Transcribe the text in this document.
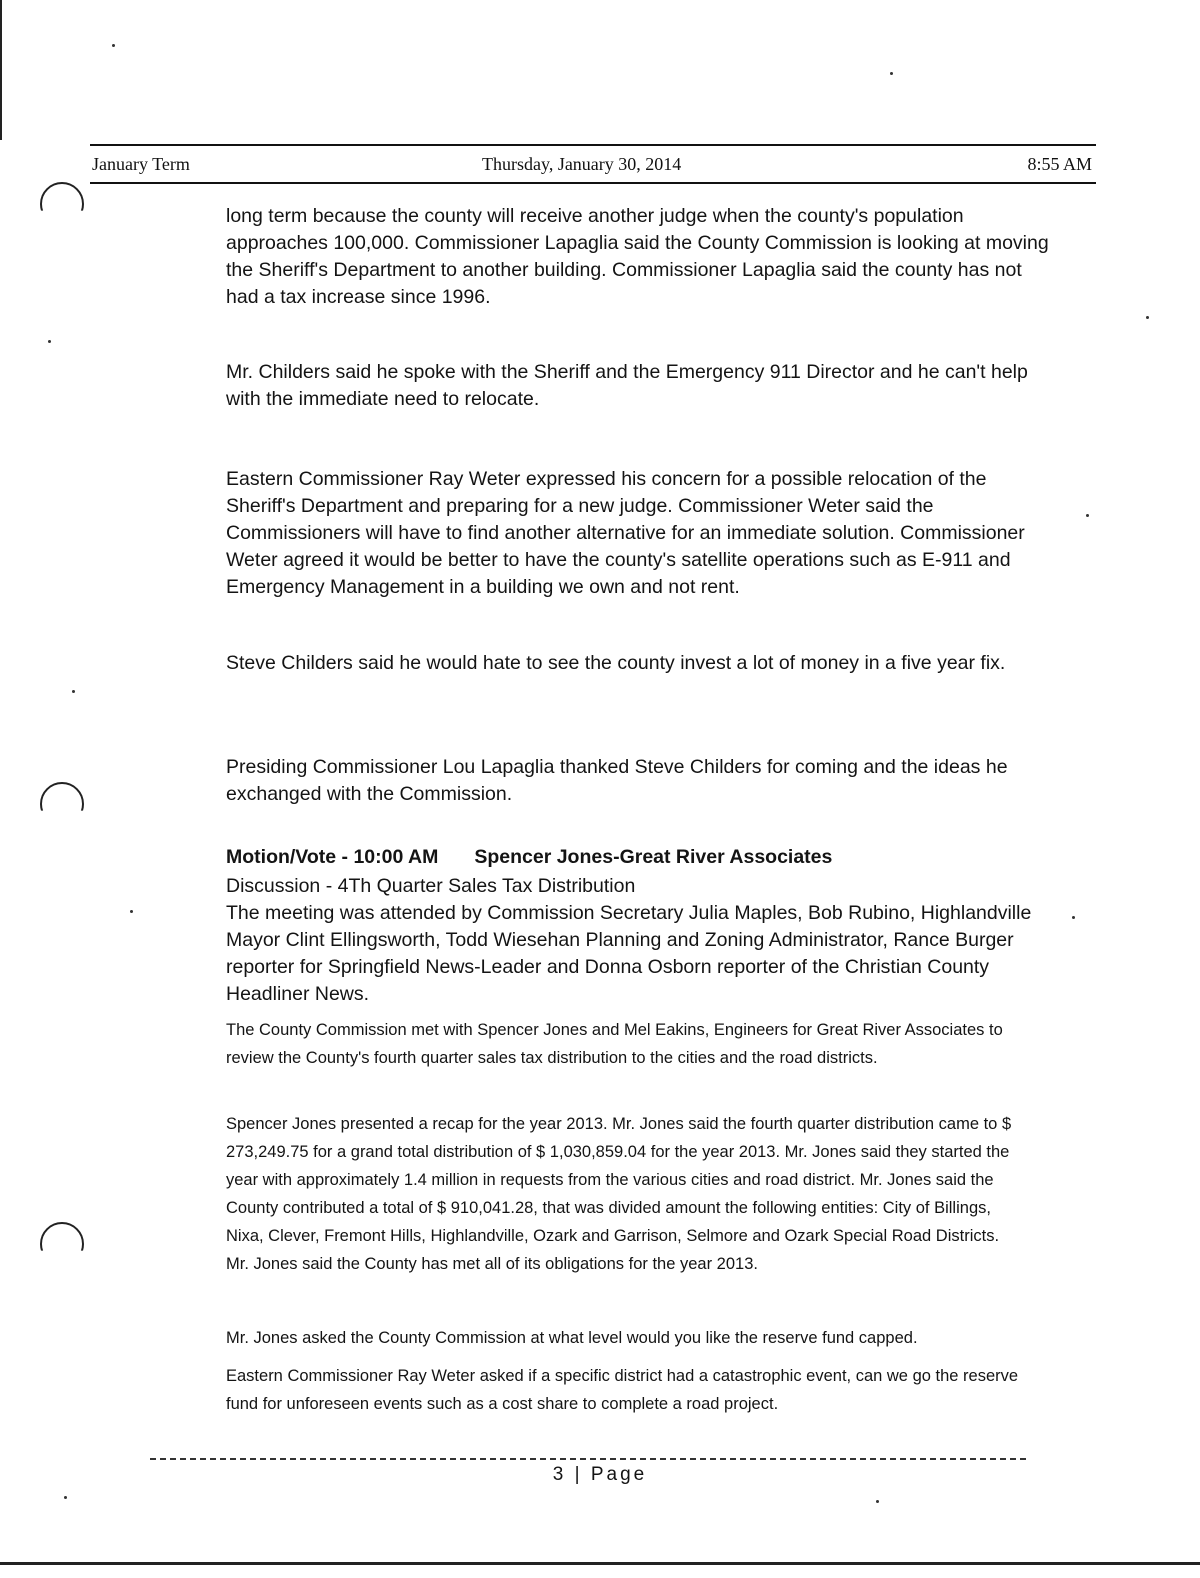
January Term	Thursday, January 30, 2014	8:55 AM

long term because the county will receive another judge when the county's population approaches 100,000. Commissioner Lapaglia said the County Commission is looking at moving the Sheriff's Department to another building. Commissioner Lapaglia said the county has not had a tax increase since 1996.

Mr. Childers said he spoke with the Sheriff and the Emergency 911 Director and he can't help with the immediate need to relocate.

Eastern Commissioner Ray Weter expressed his concern for a possible relocation of the Sheriff's Department and preparing for a new judge. Commissioner Weter said the Commissioners will have to find another alternative for an immediate solution. Commissioner Weter agreed it would be better to have the county's satellite operations such as E-911 and Emergency Management in a building we own and not rent.

Steve Childers said he would hate to see the county invest a lot of money in a five year fix.

Presiding Commissioner Lou Lapaglia thanked Steve Childers for coming and the ideas he exchanged with the Commission.

Motion/Vote - 10:00 AM Spencer Jones-Great River Associates

Discussion - 4Th Quarter Sales Tax Distribution

The meeting was attended by Commission Secretary Julia Maples, Bob Rubino, Highlandville Mayor Clint Ellingsworth, Todd Wiesehan Planning and Zoning Administrator, Rance Burger reporter for Springfield News-Leader and Donna Osborn reporter of the Christian County Headliner News.

The County Commission met with Spencer Jones and Mel Eakins, Engineers for Great River Associates to review the County's fourth quarter sales tax distribution to the cities and the road districts.

Spencer Jones presented a recap for the year 2013. Mr. Jones said the fourth quarter distribution came to $ 273,249.75 for a grand total distribution of $ 1,030,859.04 for the year 2013. Mr. Jones said they started the year with approximately 1.4 million in requests from the various cities and road district. Mr. Jones said the County contributed a total of $ 910,041.28, that was divided amount the following entities: City of Billings, Nixa, Clever, Fremont Hills, Highlandville, Ozark and Garrison, Selmore and Ozark Special Road Districts. Mr. Jones said the County has met all of its obligations for the year 2013.

Mr. Jones asked the County Commission at what level would you like the reserve fund capped.

Eastern Commissioner Ray Weter asked if a specific district had a catastrophic event, can we go the reserve fund for unforeseen events such as a cost share to complete a road project.

3 | Page
